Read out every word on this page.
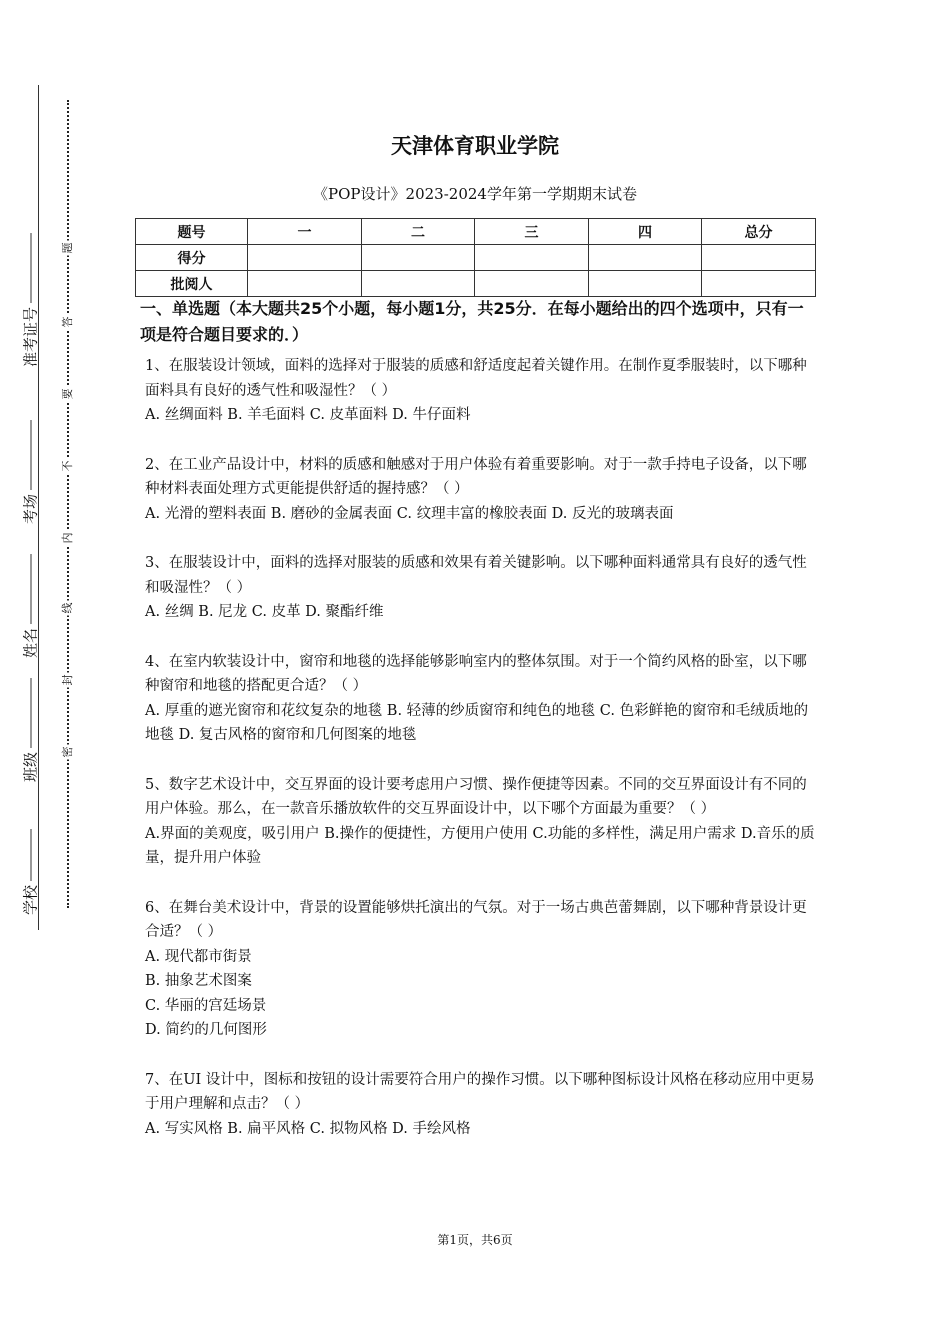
准考证号
考场
姓名
班级
学校
题
答
要
不
内
线
封
密
天津体育职业学院
《POP设计》2023-2024学年第一学期期末试卷
题号	一	二	三	四	总分
得分					
批阅人					
一、单选题（本大题共25个小题，每小题1分，共25分．在每小题给出的四个选项中，只有一项是符合题目要求的．）
1、在服装设计领域，面料的选择对于服装的质感和舒适度起着关键作用。在制作夏季服装时，以下哪种面料具有良好的透气性和吸湿性？（ ）
A. 丝绸面料 B. 羊毛面料 C. 皮革面料 D. 牛仔面料
2、在工业产品设计中，材料的质感和触感对于用户体验有着重要影响。对于一款手持电子设备，以下哪种材料表面处理方式更能提供舒适的握持感？（ ）
A. 光滑的塑料表面 B. 磨砂的金属表面 C. 纹理丰富的橡胶表面 D. 反光的玻璃表面
3、在服装设计中，面料的选择对服装的质感和效果有着关键影响。以下哪种面料通常具有良好的透气性和吸湿性？（ ）
A. 丝绸 B. 尼龙 C. 皮革 D. 聚酯纤维
4、在室内软装设计中，窗帘和地毯的选择能够影响室内的整体氛围。对于一个简约风格的卧室，以下哪种窗帘和地毯的搭配更合适？（ ）
A. 厚重的遮光窗帘和花纹复杂的地毯 B. 轻薄的纱质窗帘和纯色的地毯 C. 色彩鲜艳的窗帘和毛绒质地的地毯 D. 复古风格的窗帘和几何图案的地毯
5、数字艺术设计中，交互界面的设计要考虑用户习惯、操作便捷等因素。不同的交互界面设计有不同的用户体验。那么，在一款音乐播放软件的交互界面设计中，以下哪个方面最为重要？（ ）
A.界面的美观度，吸引用户 B.操作的便捷性，方便用户使用 C.功能的多样性，满足用户需求 D.音乐的质量，提升用户体验
6、在舞台美术设计中，背景的设置能够烘托演出的气氛。对于一场古典芭蕾舞剧，以下哪种背景设计更合适？（ ）
A. 现代都市街景
B. 抽象艺术图案
C. 华丽的宫廷场景
D. 简约的几何图形
7、在UI 设计中，图标和按钮的设计需要符合用户的操作习惯。以下哪种图标设计风格在移动应用中更易于用户理解和点击？（ ）
A. 写实风格 B. 扁平风格 C. 拟物风格 D. 手绘风格
第1页，共6页
